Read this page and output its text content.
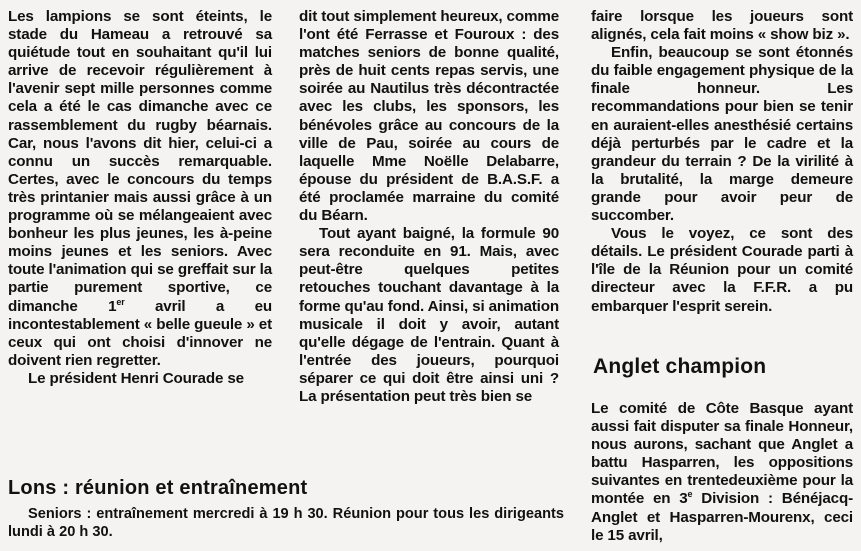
Les lampions se sont éteints, le stade du Hameau a retrouvé sa quiétude tout en souhaitant qu'il lui arrive de recevoir régulièrement à l'avenir sept mille personnes comme cela a été le cas dimanche avec ce rassemblement du rugby béarnais. Car, nous l'avons dit hier, celui-ci a connu un succès remarquable. Certes, avec le concours du temps très printanier mais aussi grâce à un programme où se mélangeaient avec bonheur les plus jeunes, les à-peine moins jeunes et les seniors. Avec toute l'animation qui se greffait sur la partie purement sportive, ce dimanche 1er avril a eu incontestablement « belle gueule » et ceux qui ont choisi d'innover ne doivent rien regretter.

Le président Henri Courade se

dit tout simplement heureux, comme l'ont été Ferrasse et Fouroux : des matches seniors de bonne qualité, près de huit cents repas servis, une soirée au Nautilus très décontractée avec les clubs, les sponsors, les bénévoles grâce au concours de la ville de Pau, soirée au cours de laquelle Mme Noëlle Delabarre, épouse du président de B.A.S.F. a été proclamée marraine du comité du Béarn.

Tout ayant baigné, la formule 90 sera reconduite en 91. Mais, avec peut-être quelques petites retouches touchant davantage à la forme qu'au fond. Ainsi, si animation musicale il doit y avoir, autant qu'elle dégage de l'entrain. Quant à l'entrée des joueurs, pourquoi séparer ce qui doit être ainsi uni ? La présentation peut très bien se

faire lorsque les joueurs sont alignés, cela fait moins « show biz ».

Enfin, beaucoup se sont étonnés du faible engagement physique de la finale honneur. Les recommandations pour bien se tenir en auraient-elles anesthésié certains déjà perturbés par le cadre et la grandeur du terrain ? De la virilité à la brutalité, la marge demeure grande pour avoir peur de succomber.

Vous le voyez, ce sont des détails. Le président Courade parti à l'île de la Réunion pour un comité directeur avec la F.F.R. a pu embarquer l'esprit serein.

Anglet champion

Le comité de Côte Basque ayant aussi fait disputer sa finale Honneur, nous aurons, sachant que Anglet a battu Hasparren, les oppositions suivantes en trentedeuxième pour la montée en 3e Division : Bénéjacq-Anglet et Hasparren-Mourenx, ceci le 15 avril,

Lons : réunion et entraînement

Seniors : entraînement mercredi à 19 h 30. Réunion pour tous les dirigeants lundi à 20 h 30.
